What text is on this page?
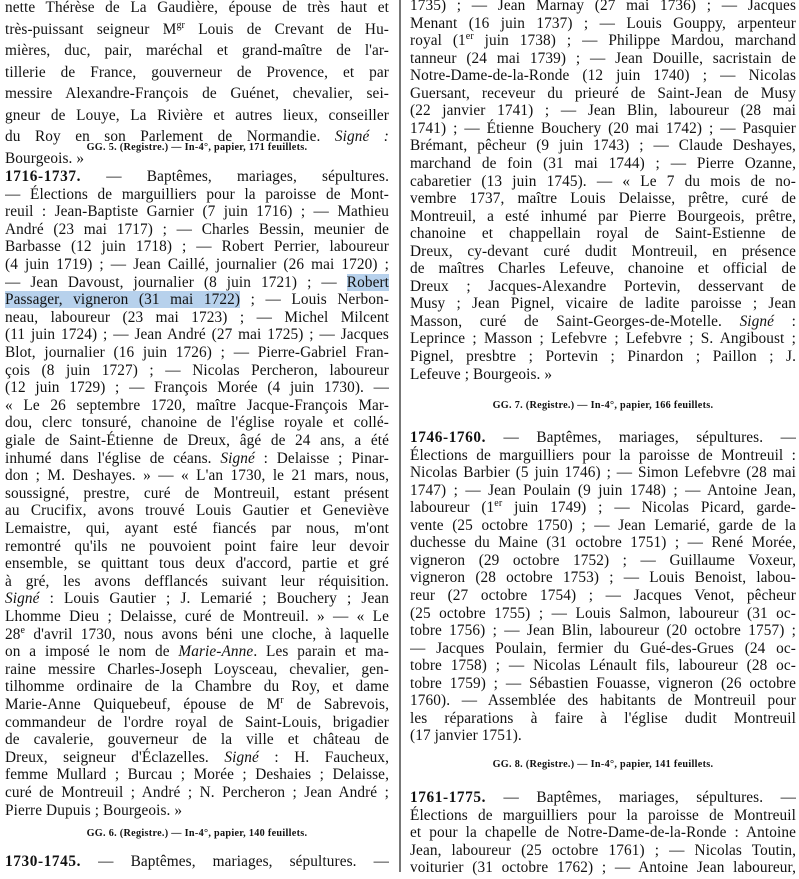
nette Thérèse de La Gaudière, épouse de très haut et
très-puissant seigneur $M^{gr}$ Louis de Crevant de Hu-
mières, duc, pair, maréchal et grand-maître de l'ar-
tillerie de France, gouverneur de Provence, et par
messire Alexandre-François de Guénet, chevalier, sei-
gneur de Louye, La Rivière et autres lieux, conseiller
du Roy en son Parlement de Normandie. Signé :
Bourgeois. »
1716-1737. — Baptêmes, mariages, sépultures.
— Élections de marguilliers pour la paroisse de Mont-
reuil : Jean-Baptiste Garnier (7 juin 1716) ; — Mathieu
André (23 mai 1717) ; — Charles Bessin, meunier de
Barbasse (12 juin 1718) ; — Robert Perrier, laboureur
(4 juin 1719) ; — Jean Caillé, journalier (26 mai 1720) ;
— Jean Davoust, journalier (8 juin 1721) ; — Robert
Passager, vigneron (31 mai 1722) ; — Louis Nerbon-
neau, laboureur (23 mai 1723) ; — Michel Milcent
(11 juin 1724) ; — Jean André (27 mai 1725) ; — Jacques
Blot, journalier (16 juin 1726) ; — Pierre-Gabriel Fran-
çois (8 juin 1727) ; — Nicolas Percheron, laboureur
(12 juin 1729) ; — François Morée (4 juin 1730). —
« Le 26 septembre 1720, maître Jacque-François Mar-
dou, clerc tonsuré, chanoine de l'église royale et collé-
giale de Saint-Étienne de Dreux, âgé de 24 ans, a été
inhumé dans l'église de céans. Signé : Delaisse ; Pinar-
don ; M. Deshayes. » — « L'an 1730, le 21 mars, nous,
soussigné, prestre, curé de Montreuil, estant présent
au Crucifix, avons trouvé Louis Gautier et Geneviève
Lemaistre, qui, ayant esté fiancés par nous, m'ont
remontré qu'ils ne pouvoient point faire leur devoir
ensemble, se quittant tous deux d'accord, partie et gré
à gré, les avons defflancés suivant leur réquisition.
Signé : Louis Gautier ; J. Lemarié ; Bouchery ; Jean
Lhomme Dieu ; Delaisse, curé de Montreuil. » — « Le
28e d'avril 1730, nous avons béni une cloche, à laquelle
on a imposé le nom de Marie-Anne. Les parain et ma-
raine messire Charles-Joseph Loysceau, chevalier, gen-
tilhomme ordinaire de la Chambre du Roy, et dame
Marie-Anne Quiquebeuf, épouse de $M^r$ de Sabrevois,
commandeur de l'ordre royal de Saint-Louis, brigadier
de cavalerie, gouverneur de la ville et château de
Dreux, seigneur d'Éclazelles. Signé : H. Faucheux,
femme Mullard ; Burcau ; Morée ; Deshaies ; Delaisse,
curé de Montreuil ; André ; N. Percheron ; Jean André ;
Pierre Dupuis ; Bourgeois. »
1730-1745. — Baptêmes, mariages, sépultures. —
1735) ; — Jean Marnay (27 mai 1736) ; — Jacques
Menant (16 juin 1737) ; — Louis Gouppy, arpenteur
royal (1er juin 1738) ; — Philippe Mardou, marchand
tanneur (24 mai 1739) ; — Jean Douille, sacristain de
Notre-Dame-de-la-Ronde (12 juin 1740) ; — Nicolas
Guersant, receveur du prieuré de Saint-Jean de Musy
(22 janvier 1741) ; — Jean Blin, laboureur (28 mai
1741) ; — Étienne Bouchery (20 mai 1742) ; — Pasquier
Brémant, pêcheur (9 juin 1743) ; — Claude Deshayes,
marchand de foin (31 mai 1744) ; — Pierre Ozanne,
cabaretier (13 juin 1745). — « Le 7 du mois de no-
vembre 1737, maître Louis Delaisse, prêtre, curé de
Montreuil, a esté inhumé par Pierre Bourgeois, prêtre,
chanoine et chappellain royal de Saint-Estienne de
Dreux, cy-devant curé dudit Montreuil, en présence
de maîtres Charles Lefeuve, chanoine et official de
Dreux ; Jacques-Alexandre Portevin, desservant de
Musy ; Jean Pignel, vicaire de ladite paroisse ; Jean
Masson, curé de Saint-Georges-de-Motelle. Signé :
Leprince ; Masson ; Lefebvre ; Lefebvre ; S. Angiboust ;
Pignel, presbtre ; Portevin ; Pinardon ; Paillon ; J.
Lefeuve ; Bourgeois. »
1746-1760. — Baptêmes, mariages, sépultures. —
Élections de marguilliers pour la paroisse de Montreuil :
Nicolas Barbier (5 juin 1746) ; — Simon Lefebvre (28 mai
1747) ; — Jean Poulain (9 juin 1748) ; — Antoine Jean,
laboureur (1er juin 1749) ; — Nicolas Picard, garde-
vente (25 octobre 1750) ; — Jean Lemarié, garde de la
duchesse du Maine (31 octobre 1751) ; — René Morée,
vigneron (29 octobre 1752) ; — Guillaume Voxeur,
vigneron (28 octobre 1753) ; — Louis Benoist, labou-
reur (27 octobre 1754) ; — Jacques Venot, pêcheur
(25 octobre 1755) ; — Louis Salmon, laboureur (31 oc-
tobre 1756) ; — Jean Blin, laboureur (20 octobre 1757) ;
— Jacques Poulain, fermier du Gué-des-Grues (24 oc-
tobre 1758) ; — Nicolas Lénault fils, laboureur (28 oc-
tobre 1759) ; — Sébastien Fouasse, vigneron (26 octobre
1760). — Assemblée des habitants de Montreuil pour
les réparations à faire à l'église dudit Montreuil
(17 janvier 1751).
1761-1775. — Baptêmes, mariages, sépultures. —
Élections de marguilliers pour la paroisse de Montreuil
et pour la chapelle de Notre-Dame-de-la-Ronde : Antoine
Jean, laboureur (25 octobre 1761) ; — Nicolas Toutin,
voiturier (31 octobre 1762) ; — Antoine Jean laboureur,
GG. 5. (Registre.) — In-4°, papier, 171 feuillets.
GG. 6. (Registre.) — In-4°, papier, 140 feuillets.
GG. 7. (Registre.) — In-4°, papier, 166 feuillets.
GG. 8. (Registre.) — In-4°, papier, 141 feuillets.
